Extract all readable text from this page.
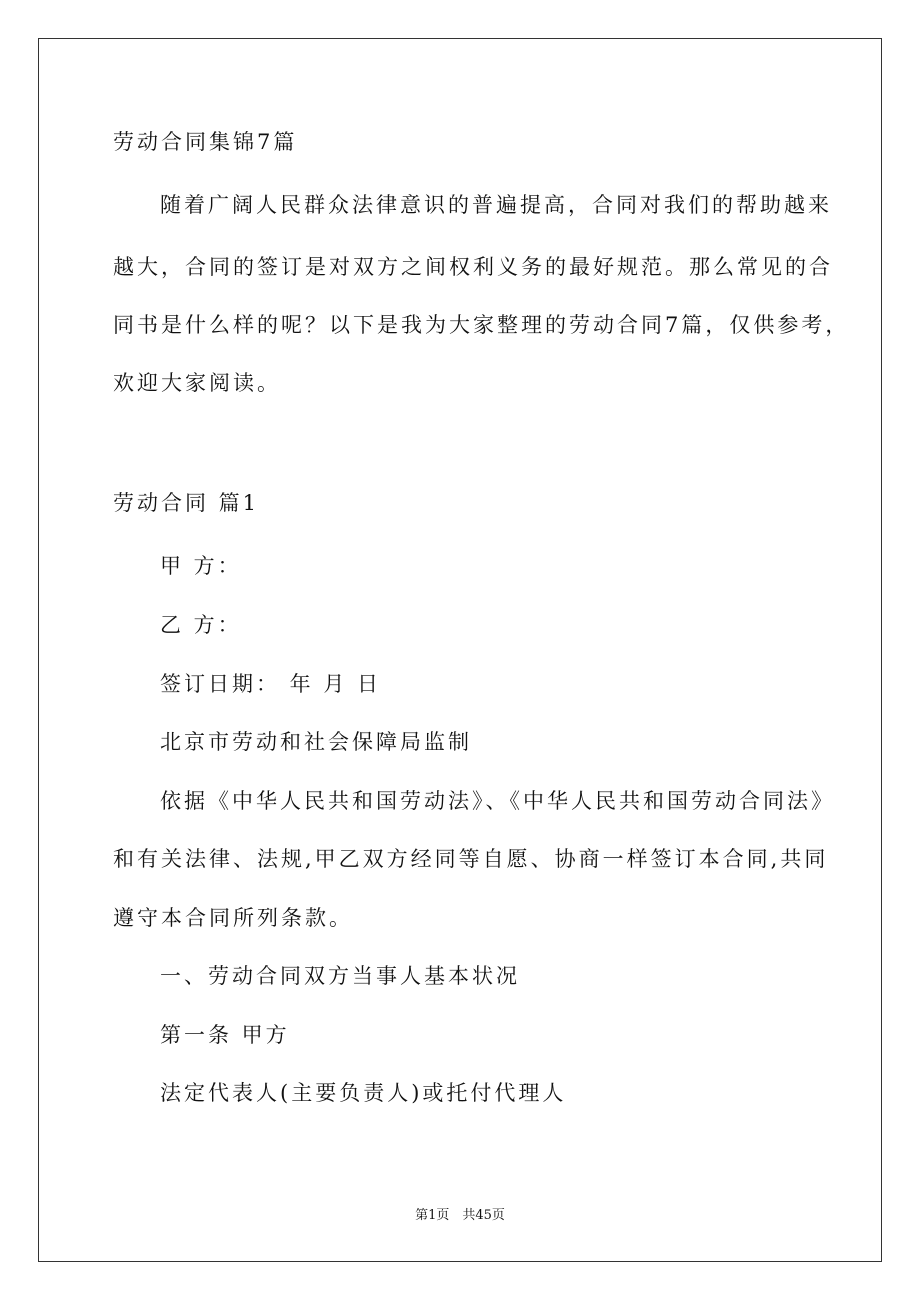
劳动合同集锦7篇
随着广阔人民群众法律意识的普遍提高，合同对我们的帮助越来
越大，合同的签订是对双方之间权利义务的最好规范。那么常见的合
同书是什么样的呢？以下是我为大家整理的劳动合同7篇，仅供参考，
欢迎大家阅读。
劳动合同 篇1
甲 方：
乙 方：
签订日期： 年 月 日
北京市劳动和社会保障局监制
依据《中华人民共和国劳动法》、《中华人民共和国劳动合同法》
和有关法律、法规,甲乙双方经同等自愿、协商一样签订本合同,共同
遵守本合同所列条款。
一、劳动合同双方当事人基本状况
第一条 甲方
法定代表人(主要负责人)或托付代理人
第1页　共45页
